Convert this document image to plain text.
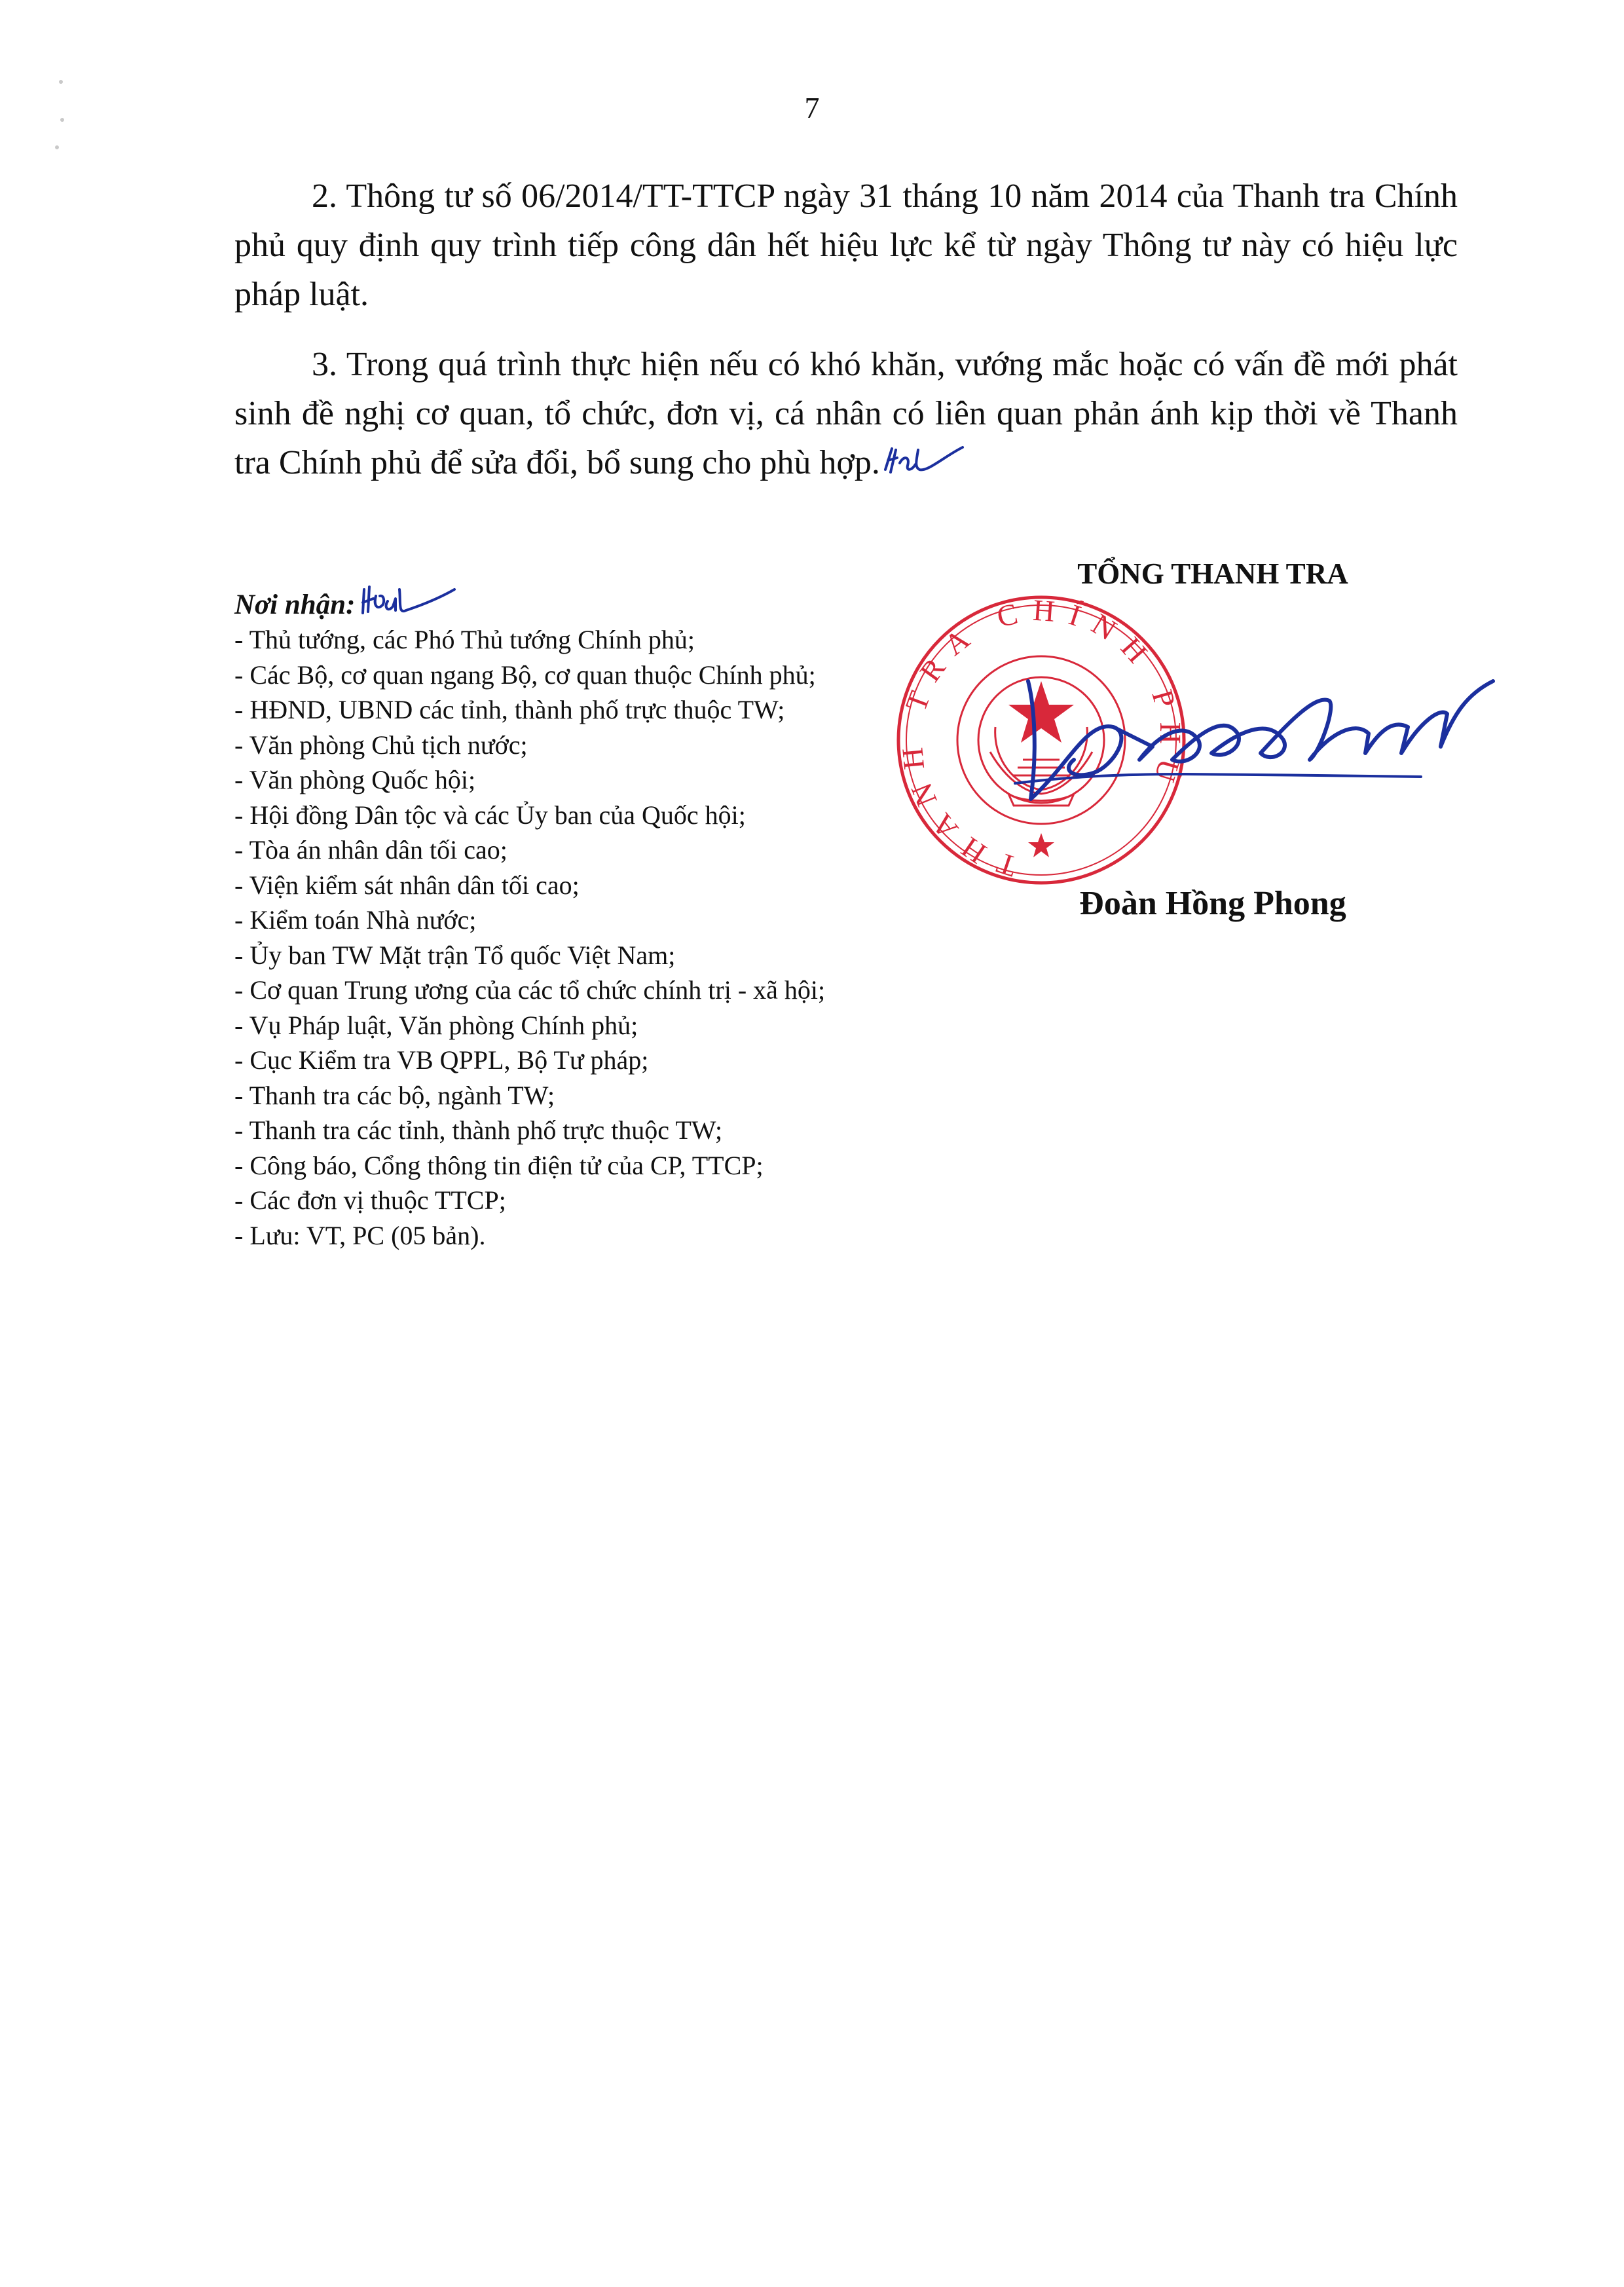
7

2. Thông tư số 06/2014/TT-TTCP ngày 31 tháng 10 năm 2014 của Thanh tra Chính phủ quy định quy trình tiếp công dân hết hiệu lực kể từ ngày Thông tư này có hiệu lực pháp luật.

3. Trong quá trình thực hiện nếu có khó khăn, vướng mắc hoặc có vấn đề mới phát sinh đề nghị cơ quan, tổ chức, đơn vị, cá nhân có liên quan phản ánh kịp thời về Thanh tra Chính phủ để sửa đổi, bổ sung cho phù hợp.

Nơi nhận:
- Thủ tướng, các Phó Thủ tướng Chính phủ;
- Các Bộ, cơ quan ngang Bộ, cơ quan thuộc Chính phủ;
- HĐND, UBND các tỉnh, thành phố trực thuộc TW;
- Văn phòng Chủ tịch nước;
- Văn phòng Quốc hội;
- Hội đồng Dân tộc và các Ủy ban của Quốc hội;
- Tòa án nhân dân tối cao;
- Viện kiểm sát nhân dân tối cao;
- Kiểm toán Nhà nước;
- Ủy ban TW Mặt trận Tổ quốc Việt Nam;
- Cơ quan Trung ương của các tổ chức chính trị - xã hội;
- Vụ Pháp luật, Văn phòng Chính phủ;
- Cục Kiểm tra VB QPPL, Bộ Tư pháp;
- Thanh tra các bộ, ngành TW;
- Thanh tra các tỉnh, thành phố trực thuộc TW;
- Công báo, Cổng thông tin điện tử của CP, TTCP;
- Các đơn vị thuộc TTCP;
- Lưu: VT, PC (05 bản).
TỔNG THANH TRA
THANH TRA CHÍNH PHỦ
Đoàn Hồng Phong
